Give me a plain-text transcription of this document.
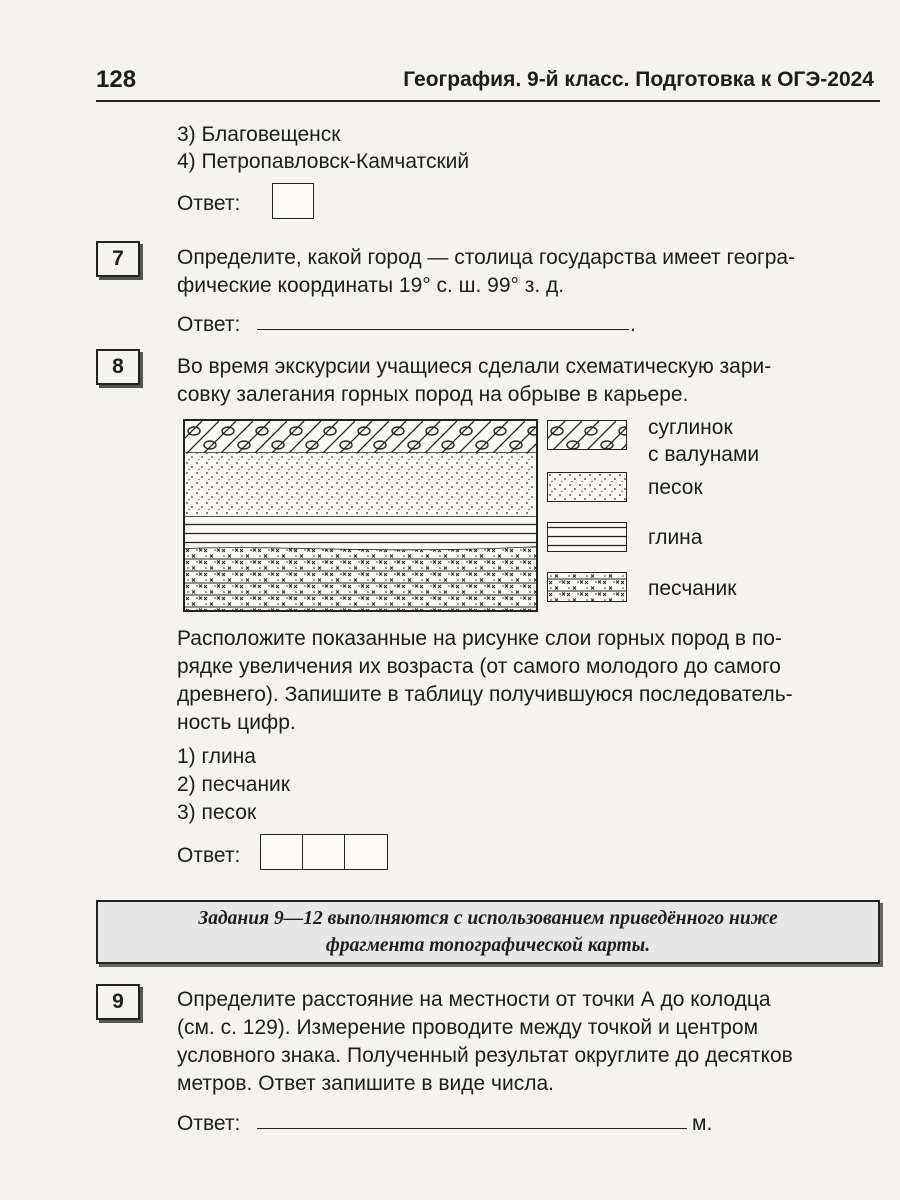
128	География. 9-й класс. Подготовка к ОГЭ-2024
3) Благовещенск
4) Петропавловск-Камчатский
Ответ:
7	Определите, какой город — столица государства имеет геогра-
фические координаты 19° с. ш. 99° з. д.
Ответ:	.
8	Во время экскурсии учащиеся сделали схематическую зари-
совку залегания горных пород на обрыве в карьере.
суглинок
с валунами
песок
глина
песчаник
Расположите показанные на рисунке слои горных пород в по-
рядке увеличения их возраста (от самого молодого до самого
древнего). Запишите в таблицу получившуюся последователь-
ность цифр.
1) глина
2) песчаник
3) песок
Ответ:
Задания 9—12 выполняются с использованием приведённого ниже
фрагмента топографической карты.
9	Определите расстояние на местности от точки А до колодца
(см. с. 129). Измерение проводите между точкой и центром
условного знака. Полученный результат округлите до десятков
метров. Ответ запишите в виде числа.
Ответ:	м.
